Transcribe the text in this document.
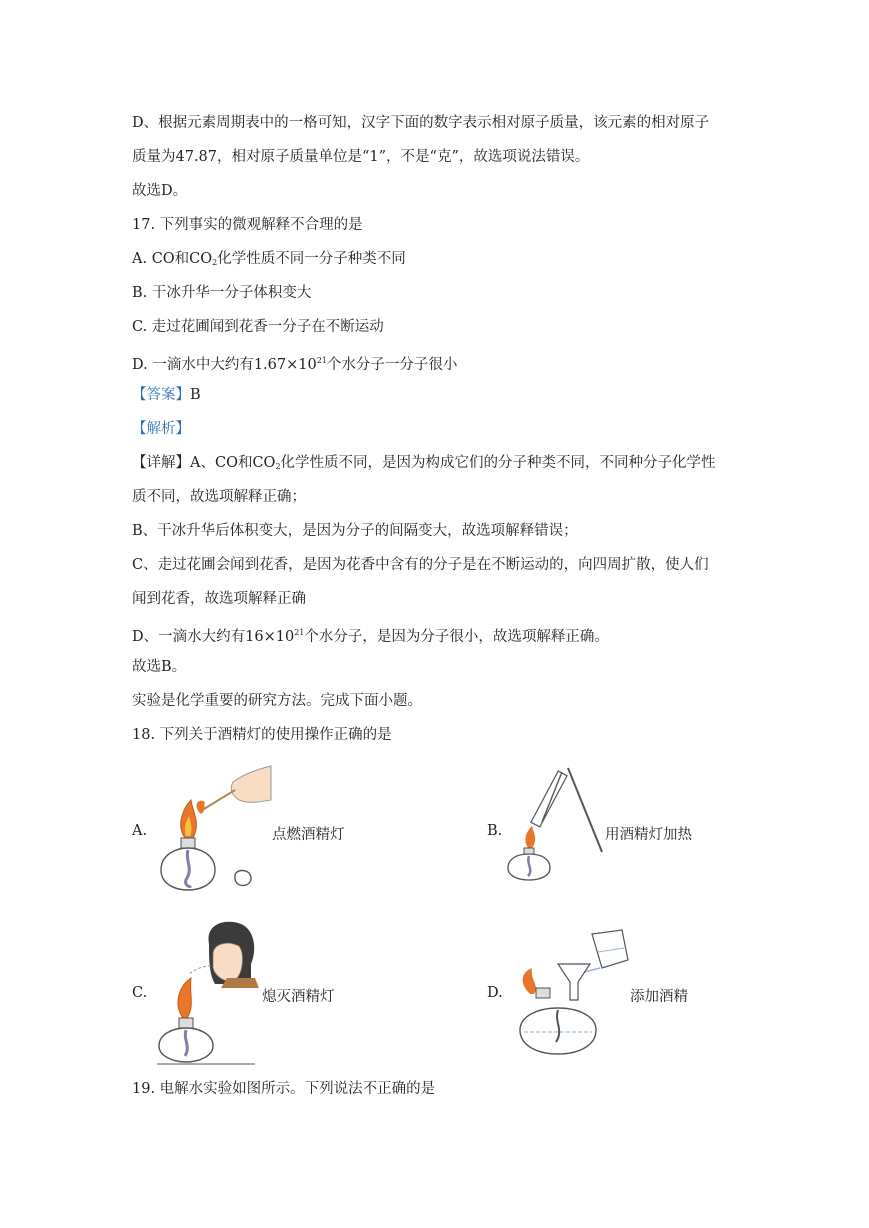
D、根据元素周期表中的一格可知，汉字下面的数字表示相对原子质量，该元素的相对原子
质量为47.87，相对原子质量单位是“1”，不是“克”，故选项说法错误。
故选D。
17. 下列事实的微观解释不合理的是
A. CO和$CO_2$化学性质不同一分子种类不同
B. 干冰升华一分子体积变大
C. 走过花圃闻到花香一分子在不断运动
D. 一滴水中大约有$1.67\times 10^{21}$个水分子一分子很小
【答案】B
【解析】
【详解】A、CO和$CO_2$化学性质不同，是因为构成它们的分子种类不同，不同种分子化学性
质不同，故选项解释正确；
B、干冰升华后体积变大，是因为分子的间隔变大，故选项解释错误；
C、走过花圃会闻到花香，是因为花香中含有的分子是在不断运动的，向四周扩散，使人们
闻到花香，故选项解释正确
D、一滴水大约有$16\times 10^{21}$个水分子，是因为分子很小，故选项解释正确。
故选B。
实验是化学重要的研究方法。完成下面小题。
18. 下列关于酒精灯的使用操作正确的是
A.	点燃酒精灯	B.	用酒精灯加热
C.	熄灭酒精灯	D.	添加酒精
19. 电解水实验如图所示。下列说法不正确的是
